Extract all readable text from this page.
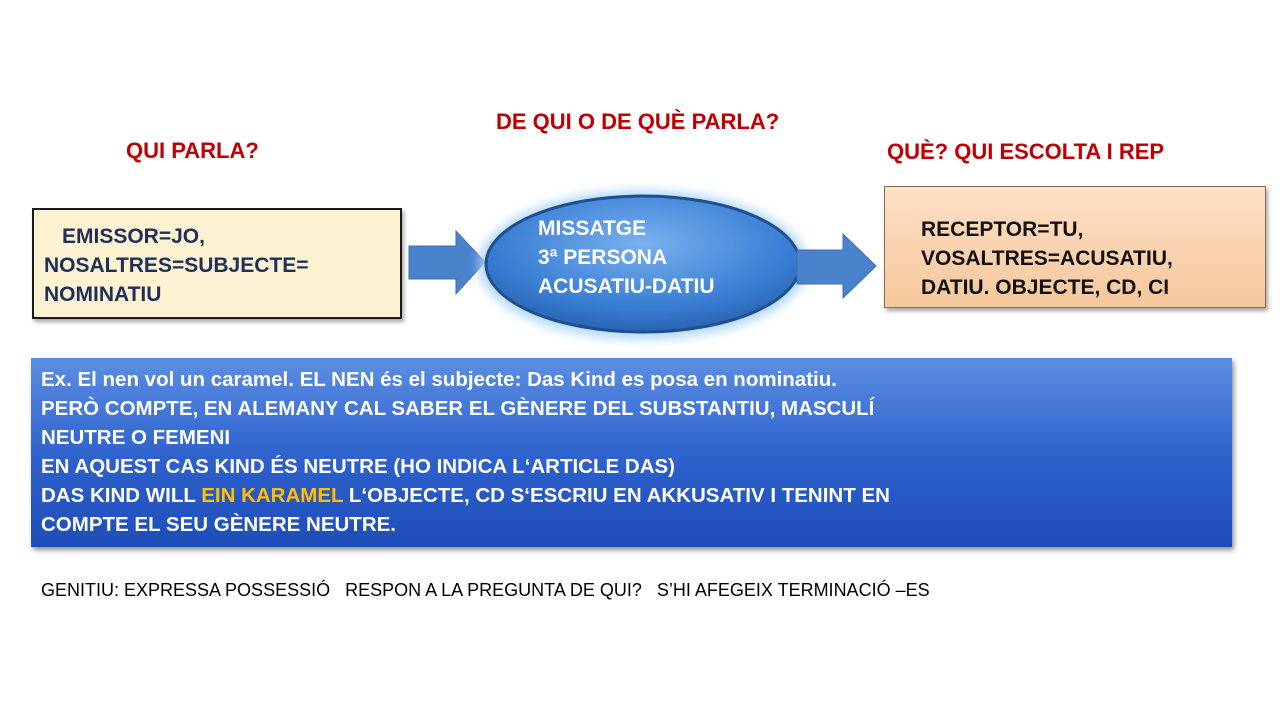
QUI PARLA?
DE QUI O DE QUÈ PARLA?

QUÈ? QUI ESCOLTA I REP

EMISSOR=JO,
NOSALTRES=SUBJECTE=
NOMINATIU
MISSATGE
3ª PERSONA
ACUSATIU-DATIU
RECEPTOR=TU,
VOSALTRES=ACUSATIU,
DATIU. OBJECTE, CD, CI
Ex. El nen vol un caramel. EL NEN és el subjecte: Das Kind es posa en nominatiu.
PERÒ COMPTE, EN ALEMANY CAL SABER EL GÈNERE DEL SUBSTANTIU, MASCULÍ
NEUTRE O FEMENI
EN AQUEST CAS KIND ÉS NEUTRE (HO INDICA L‘ARTICLE DAS)
DAS KIND WILL EIN KARAMEL L‘OBJECTE, CD S‘ESCRIU EN AKKUSATIV I TENINT EN
COMPTE EL SEU GÈNERE NEUTRE.
GENITIU: EXPRESSA POSSESSIÓ   RESPON A LA PREGUNTA DE QUI?   S’HI AFEGEIX TERMINACIÓ –ES
